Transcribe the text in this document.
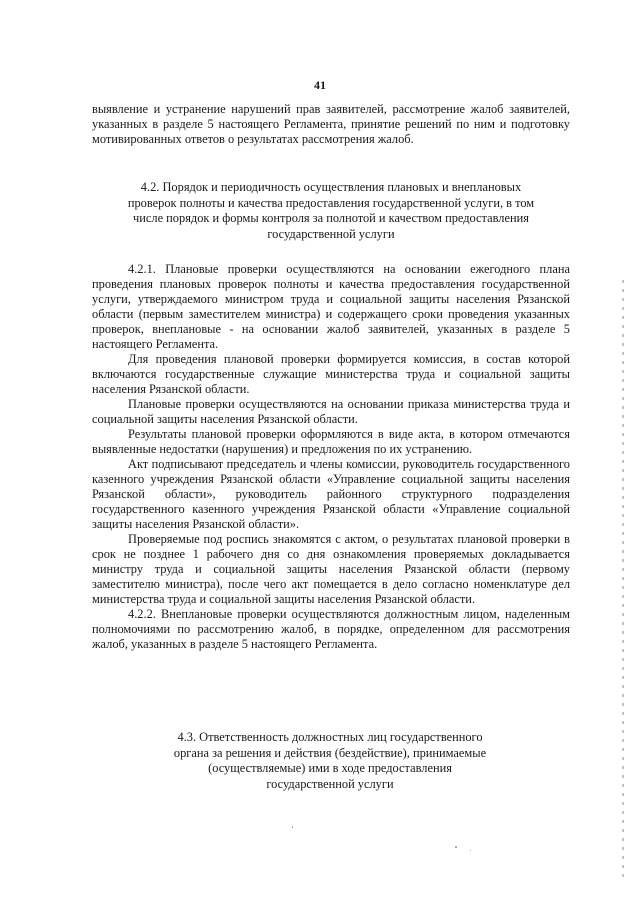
41

выявление и устранение нарушений прав заявителей, рассмотрение жалоб заявителей, указанных в разделе 5 настоящего Регламента, принятие решений по ним и подготовку мотивированных ответов о результатах рассмотрения жалоб.

4.2. Порядок и периодичность осуществления плановых и внеплановых
проверок полноты и качества предоставления государственной услуги, в том
числе порядок и формы контроля за полнотой и качеством предоставления
государственной услуги

4.2.1. Плановые проверки осуществляются на основании ежегодного плана проведения плановых проверок полноты и качества предоставления государственной услуги, утверждаемого министром труда и социальной защиты населения Рязанской области (первым заместителем министра) и содержащего сроки проведения указанных проверок, внеплановые - на основании жалоб заявителей, указанных в разделе 5 настоящего Регламента.

Для проведения плановой проверки формируется комиссия, в состав которой включаются государственные служащие министерства труда и социальной защиты населения Рязанской области.

Плановые проверки осуществляются на основании приказа министерства труда и социальной защиты населения Рязанской области.

Результаты плановой проверки оформляются в виде акта, в котором отмечаются выявленные недостатки (нарушения) и предложения по их устранению.

Акт подписывают председатель и члены комиссии, руководитель государственного казенного учреждения Рязанской области «Управление социальной защиты населения Рязанской области», руководитель районного структурного подразделения государственного казенного учреждения Рязанской области «Управление социальной защиты населения Рязанской области».

Проверяемые под роспись знакомятся с актом, о результатах плановой проверки в срок не позднее 1 рабочего дня со дня ознакомления проверяемых докладывается министру труда и социальной защиты населения Рязанской области (первому заместителю министра), после чего акт помещается в дело согласно номенклатуре дел министерства труда и социальной защиты населения Рязанской области.

4.2.2. Внеплановые проверки осуществляются должностным лицом, наделенным полномочиями по рассмотрению жалоб, в порядке, определенном для рассмотрения жалоб, указанных в разделе 5 настоящего Регламента.

4.3. Ответственность должностных лиц государственного
органа за решения и действия (бездействие), принимаемые
(осуществляемые) ими в ходе предоставления
государственной услуги
